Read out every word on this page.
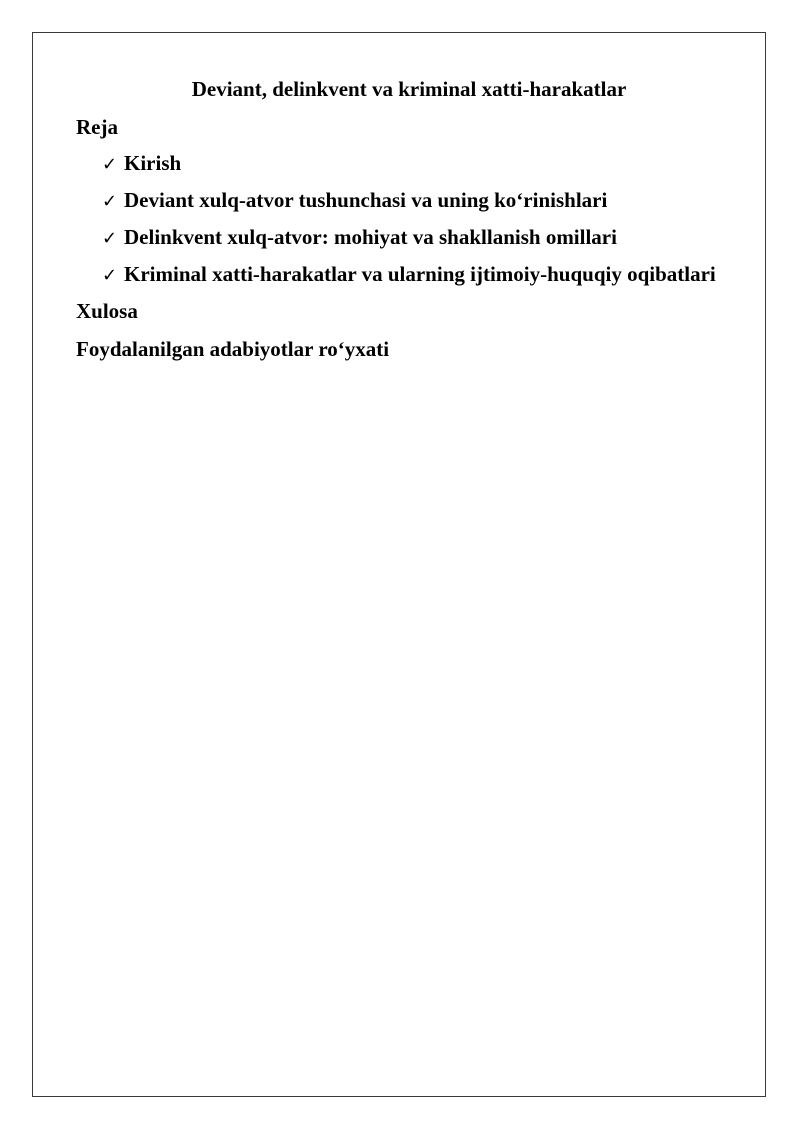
Deviant, delinkvent va kriminal xatti-harakatlar

Reja

✓ Kirish
✓ Deviant xulq-atvor tushunchasi va uning ko‘rinishlari
✓ Delinkvent xulq-atvor: mohiyat va shakllanish omillari
✓ Kriminal xatti-harakatlar va ularning ijtimoiy-huquqiy oqibatlari

Xulosa

Foydalanilgan adabiyotlar ro‘yxati
